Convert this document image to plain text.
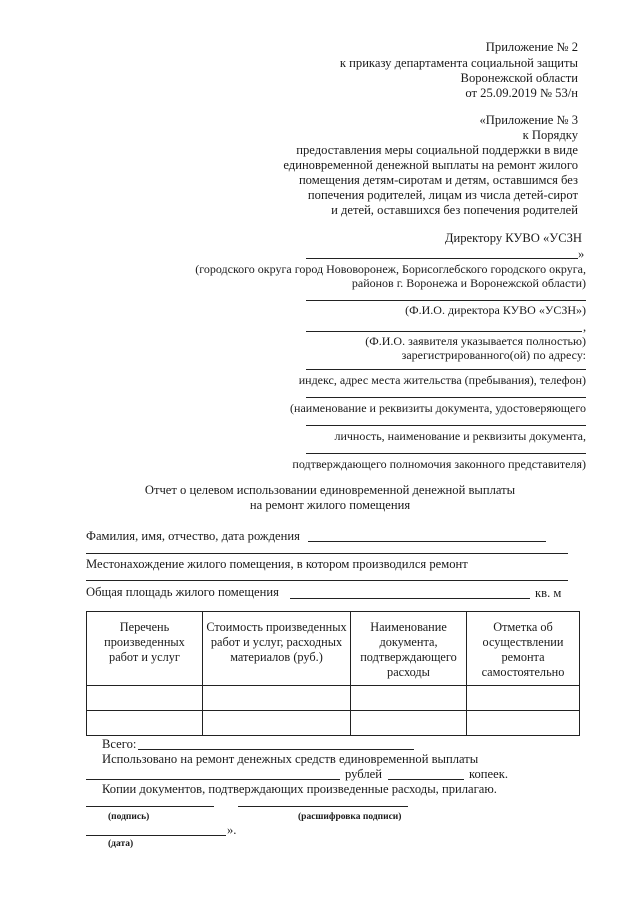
Приложение № 2
к приказу департамента социальной защиты
Воронежской области
от 25.09.2019 № 53/н
«Приложение № 3
к Порядку
предоставления меры социальной поддержки в виде
единовременной денежной выплаты на ремонт жилого
помещения детям-сиротам и детям, оставшимся без
попечения родителей, лицам из числа детей-сирот
и детей, оставшихся без попечения родителей
Директору КУВО «УСЗН
»
(городского округа город Нововоронеж, Борисоглебского городского округа,
районов г. Воронежа и Воронежской области)
(Ф.И.О. директора КУВО «УСЗН»)
,
(Ф.И.О. заявителя указывается полностью)
зарегистрированного(ой) по адресу:
индекс, адрес места жительства (пребывания), телефон)
(наименование и реквизиты документа, удостоверяющего
личность, наименование и реквизиты документа,
подтверждающего полномочия законного представителя)
Отчет о целевом использовании единовременной денежной выплаты
на ремонт жилого помещения
Фамилия, имя, отчество, дата рождения
Местонахождение жилого помещения, в котором производился ремонт
Общая площадь жилого помещения	кв. м
Перечень произведенных работ и услуг	Стоимость произведенных работ и услуг, расходных материалов (руб.)	Наименование документа, подтверждающего расходы	Отметка об осуществлении ремонта самостоятельно

Всего:
Использовано на ремонт денежных средств единовременной выплаты
рублей	копеек.
Копии документов, подтверждающих произведенные расходы, прилагаю.
(подпись)	(расшифровка подписи)
».
(дата)
